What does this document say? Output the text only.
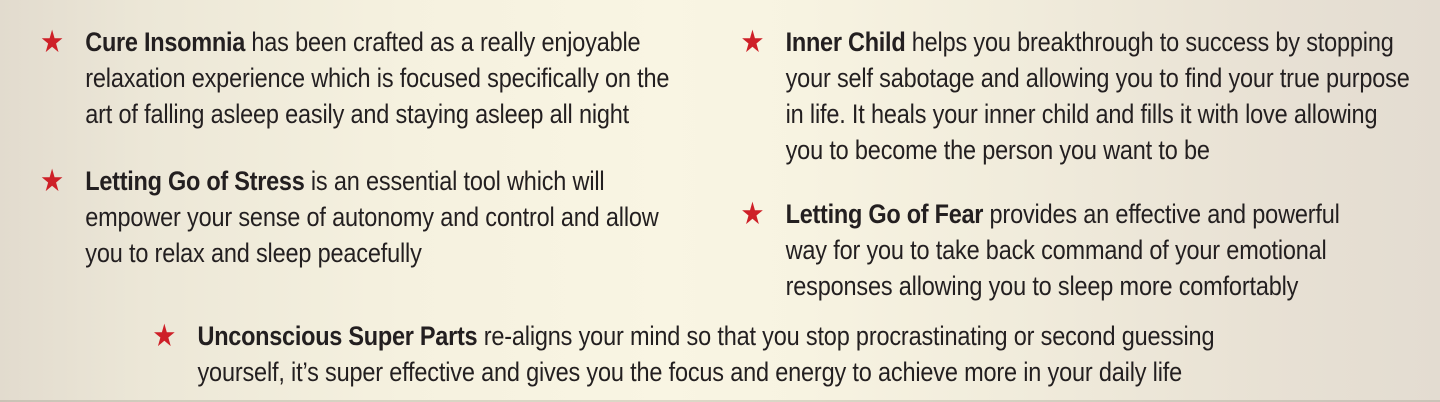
★ Cure Insomnia has been crafted as a really enjoyable relaxation experience which is focused specifically on the art of falling asleep easily and staying asleep all night
★ Letting Go of Stress is an essential tool which will empower your sense of autonomy and control and allow you to relax and sleep peacefully
★ Inner Child helps you breakthrough to success by stopping your self sabotage and allowing you to find your true purpose in life. It heals your inner child and fills it with love allowing you to become the person you want to be
★ Letting Go of Fear provides an effective and powerful way for you to take back command of your emotional responses allowing you to sleep more comfortably
★ Unconscious Super Parts re-aligns your mind so that you stop procrastinating or second guessing yourself, it’s super effective and gives you the focus and energy to achieve more in your daily life
